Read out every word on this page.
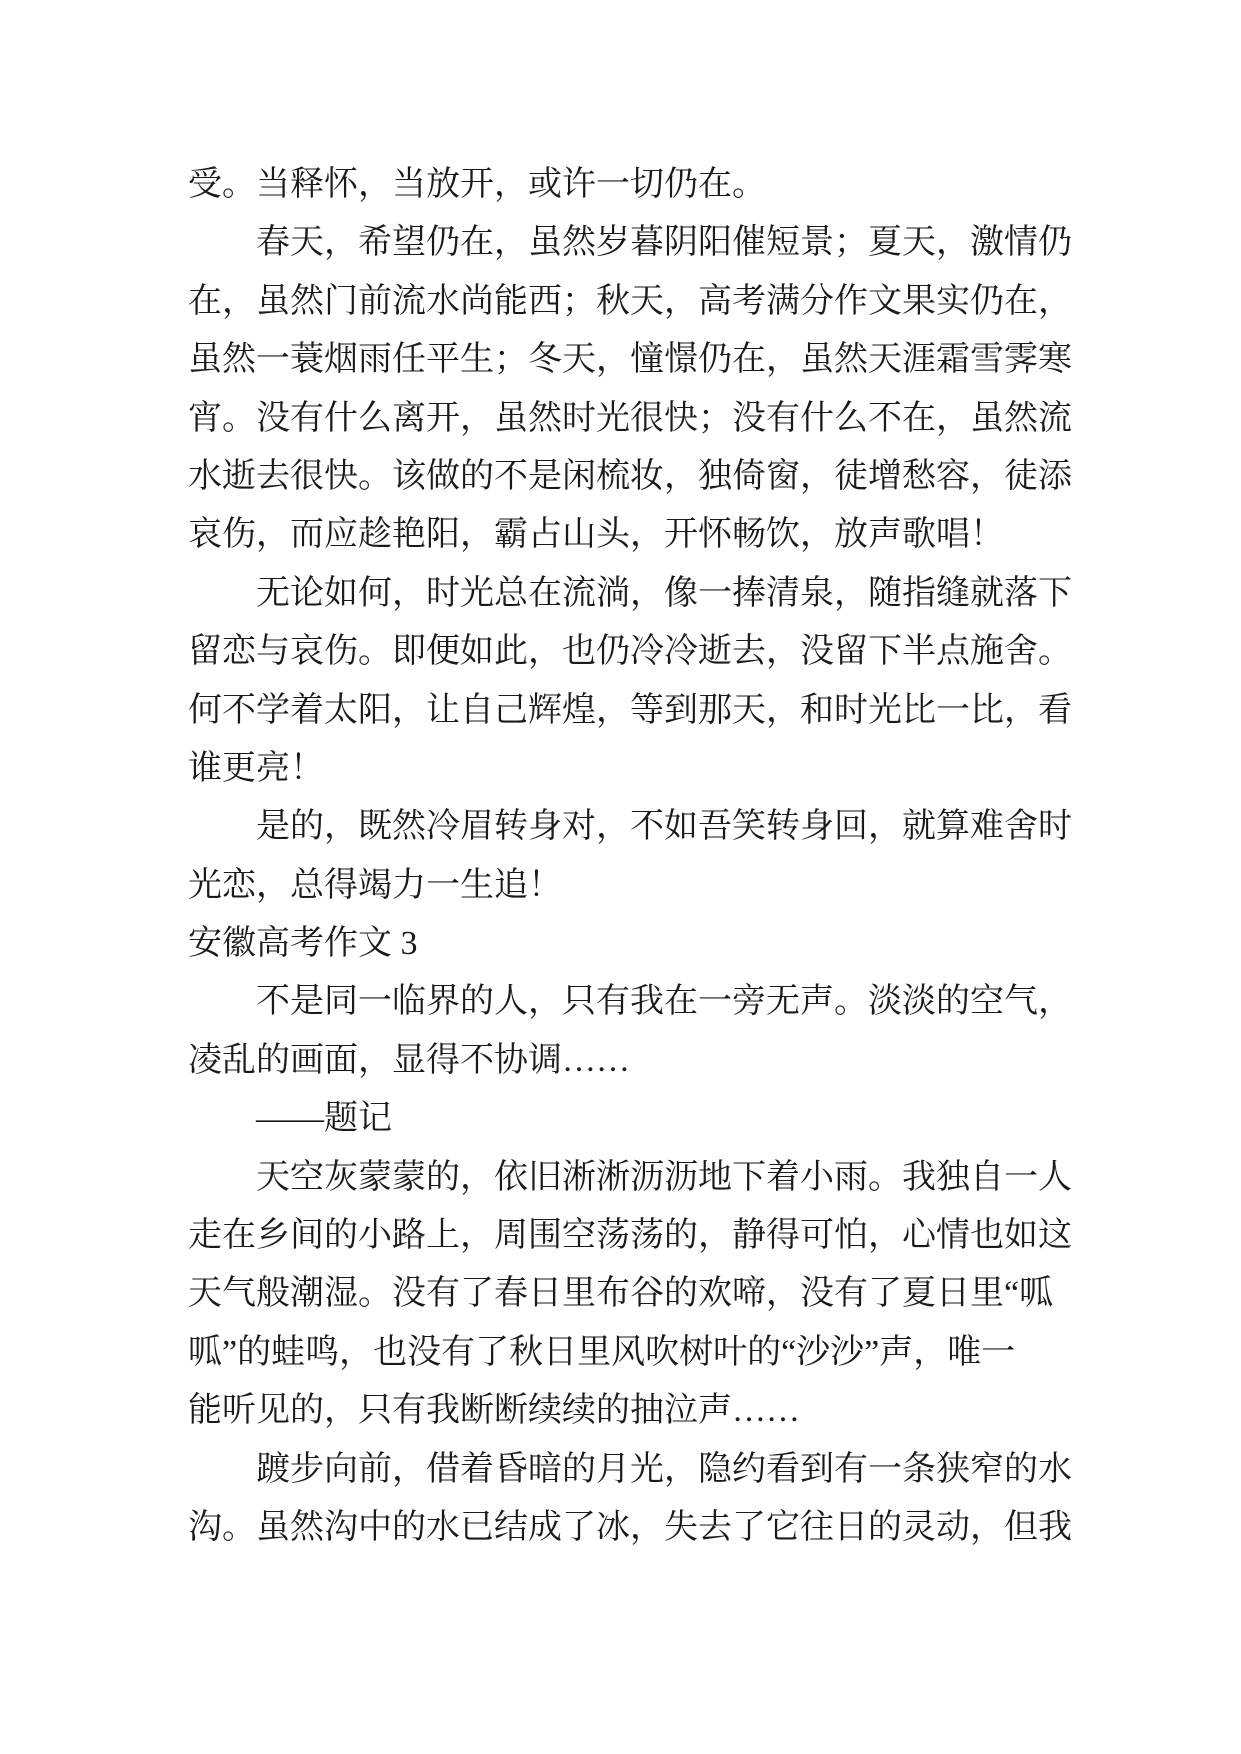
受。当释怀，当放开，或许一切仍在。
春天，希望仍在，虽然岁暮阴阳催短景；夏天，激情仍
在，虽然门前流水尚能西；秋天，高考满分作文果实仍在，
虽然一蓑烟雨任平生；冬天，憧憬仍在，虽然天涯霜雪霁寒
宵。没有什么离开，虽然时光很快；没有什么不在，虽然流
水逝去很快。该做的不是闲梳妆，独倚窗，徒增愁容，徒添
哀伤，而应趁艳阳，霸占山头，开怀畅饮，放声歌唱！
无论如何，时光总在流淌，像一捧清泉，随指缝就落下
留恋与哀伤。即便如此，也仍冷冷逝去，没留下半点施舍。
何不学着太阳，让自己辉煌，等到那天，和时光比一比，看
谁更亮！
是的，既然冷眉转身对，不如吾笑转身回，就算难舍时
光恋，总得竭力一生追！
安徽高考作文 3
不是同一临界的人，只有我在一旁无声。淡淡的空气，
凌乱的画面，显得不协调……
——题记
天空灰蒙蒙的，依旧淅淅沥沥地下着小雨。我独自一人
走在乡间的小路上，周围空荡荡的，静得可怕，心情也如这
天气般潮湿。没有了春日里布谷的欢啼，没有了夏日里“呱
呱”的蛙鸣，也没有了秋日里风吹树叶的“沙沙”声，唯一
能听见的，只有我断断续续的抽泣声……
踱步向前，借着昏暗的月光，隐约看到有一条狭窄的水
沟。虽然沟中的水已结成了冰，失去了它往日的灵动，但我
